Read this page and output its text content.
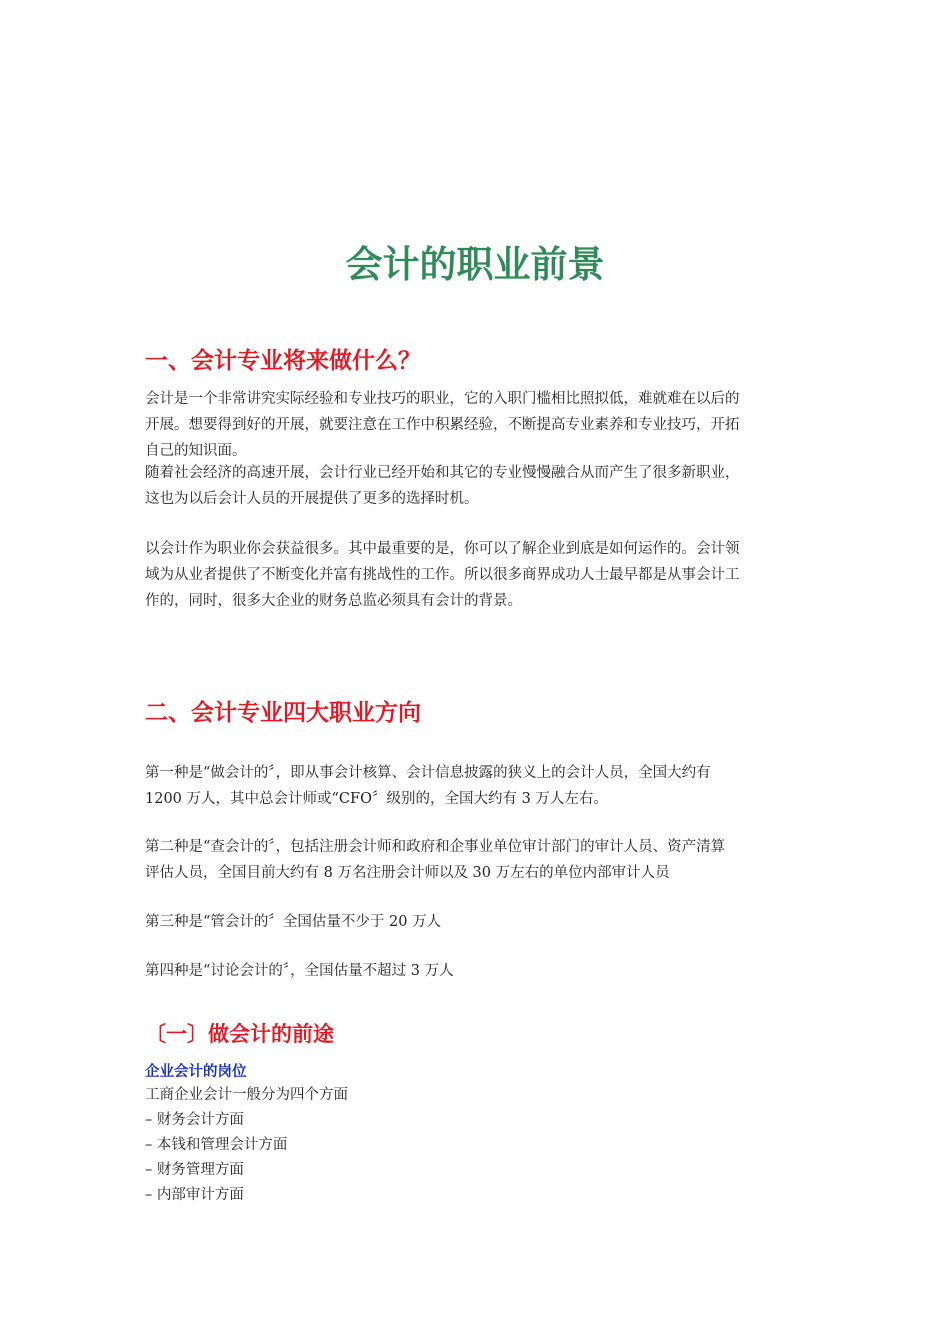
会计的职业前景
一、会计专业将来做什么？

会计是一个非常讲究实际经验和专业技巧的职业，它的入职门槛相比照拟低，难就难在以后的
开展。想要得到好的开展，就要注意在工作中积累经验，不断提高专业素养和专业技巧，开拓
自己的知识面。

随着社会经济的高速开展，会计行业已经开始和其它的专业慢慢融合从而产生了很多新职业，
这也为以后会计人员的开展提供了更多的选择时机。

以会计作为职业你会获益很多。其中最重要的是，你可以了解企业到底是如何运作的。会计领
域为从业者提供了不断变化并富有挑战性的工作。所以很多商界成功人士最早都是从事会计工
作的，同时，很多大企业的财务总监必须具有会计的背景。

二、会计专业四大职业方向

第一种是“做会计的〞，即从事会计核算、会计信息披露的狭义上的会计人员，全国大约有
1200 万人，其中总会计师或“CFO〞级别的，全国大约有 3 万人左右。

第二种是“查会计的〞，包括注册会计师和政府和企事业单位审计部门的审计人员、资产清算
评估人员，全国目前大约有 8 万名注册会计师以及 30 万左右的单位内部审计人员

第三种是“管会计的〞全国估量不少于 20 万人

第四种是“讨论会计的〞，全国估量不超过 3 万人

〔一〕做会计的前途
企业会计的岗位
工商企业会计一般分为四个方面
– 财务会计方面
– 本钱和管理会计方面
– 财务管理方面
– 内部审计方面
